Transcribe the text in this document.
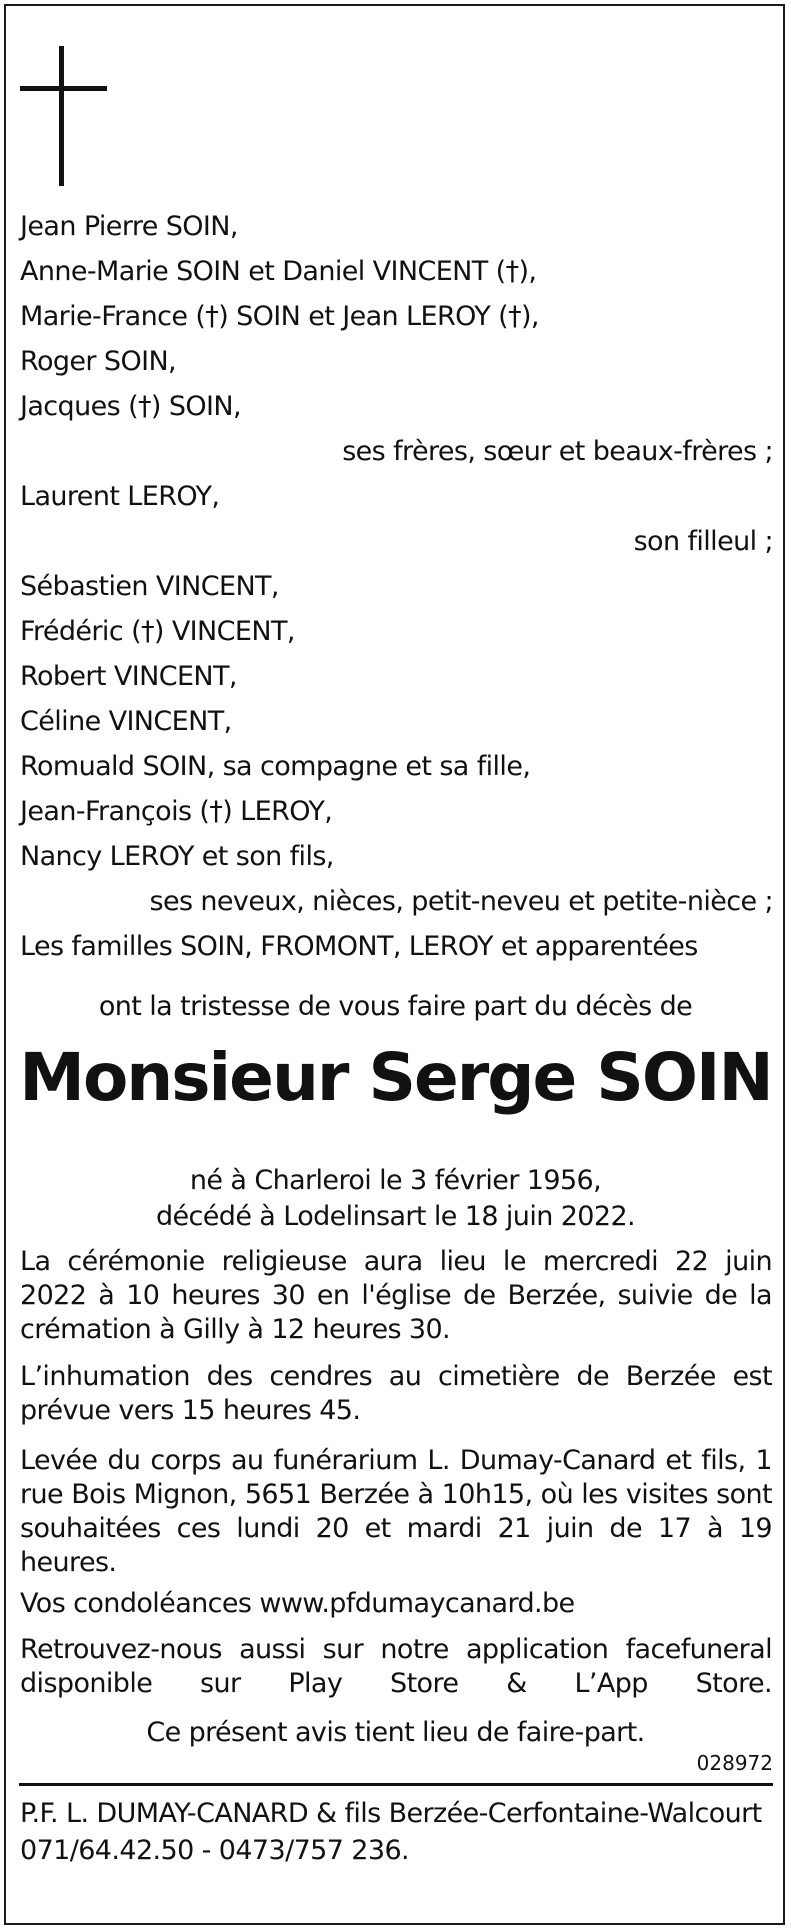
Jean Pierre SOIN,
Anne-Marie SOIN et Daniel VINCENT (†),
Marie-France (†) SOIN et Jean LEROY (†),
Roger SOIN,
Jacques (†) SOIN,
ses frères, sœur et beaux-frères ;
Laurent LEROY,
son filleul ;
Sébastien VINCENT,
Frédéric (†) VINCENT,
Robert VINCENT,
Céline VINCENT,
Romuald SOIN, sa compagne et sa fille,
Jean-François (†) LEROY,
Nancy LEROY et son fils,
ses neveux, nièces, petit-neveu et petite-nièce ;
Les familles SOIN, FROMONT, LEROY et apparentées
ont la tristesse de vous faire part du décès de
Monsieur Serge SOIN
né à Charleroi le 3 février 1956,
décédé à Lodelinsart le 18 juin 2022.
La cérémonie religieuse aura lieu le mercredi 22 juin 2022 à 10 heures 30 en l'église de Berzée, suivie de la crémation à Gilly à 12 heures 30.
L’inhumation des cendres au cimetière de Berzée est prévue vers 15 heures 45.
Levée du corps au funérarium L. Dumay-Canard et fils, 1 rue Bois Mignon, 5651 Berzée à 10h15, où les visites sont souhaitées ces lundi 20 et mardi 21 juin de 17 à 19 heures.
Vos condoléances www.pfdumaycanard.be
Retrouvez-nous aussi sur notre application facefuneral disponible sur Play Store & L’App Store.
Ce présent avis tient lieu de faire-part.
028972
P.F. L. DUMAY-CANARD & fils Berzée-Cerfontaine-Walcourt
071/64.42.50 - 0473/757 236.
